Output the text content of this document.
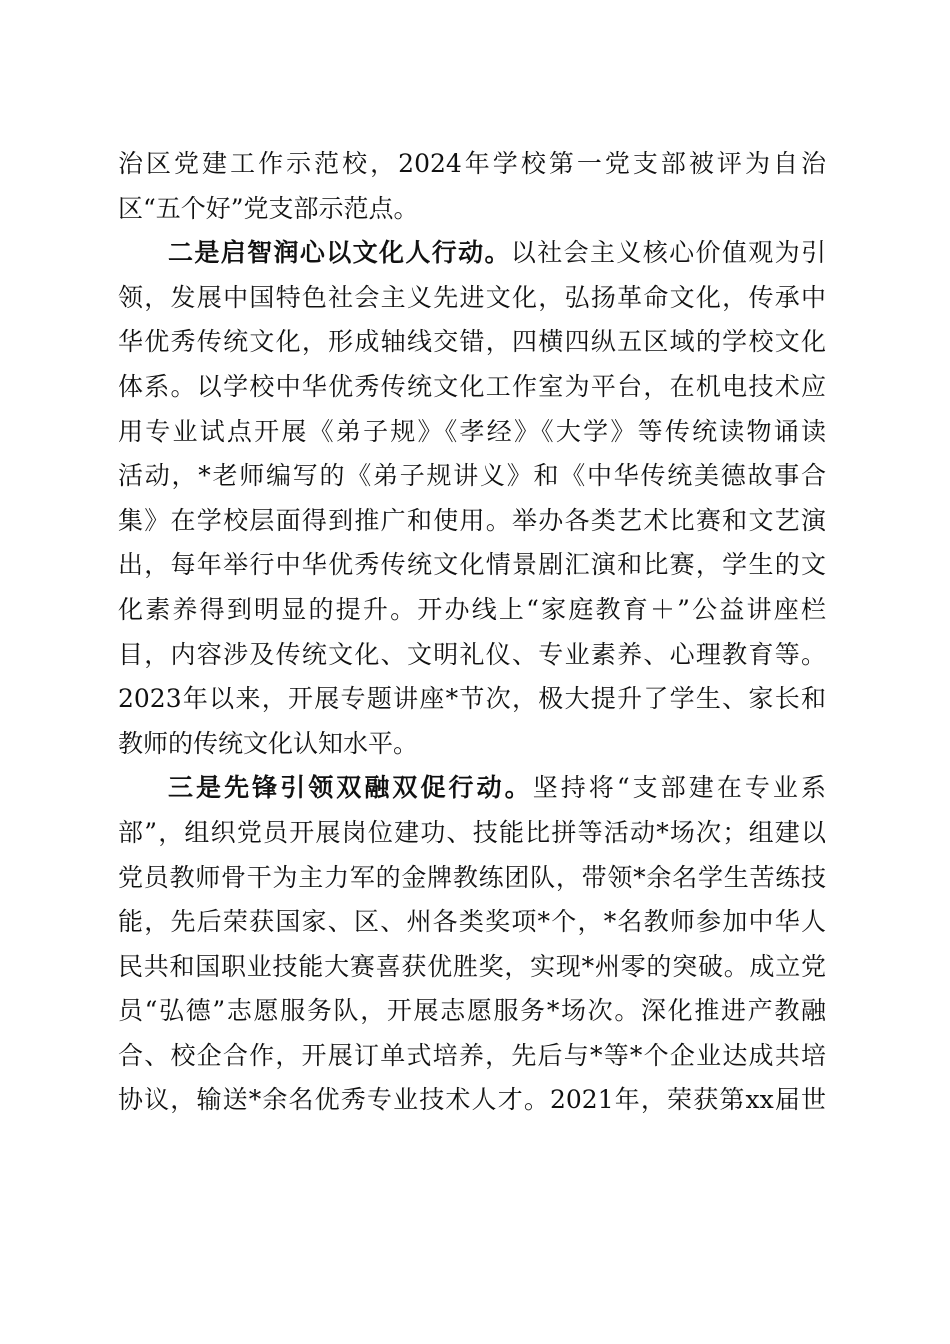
治区党建工作示范校，2024年学校第一党支部被评为自治
区“五个好”党支部示范点。
二是启智润心以文化人行动。以社会主义核心价值观为引
领，发展中国特色社会主义先进文化，弘扬革命文化，传承中
华优秀传统文化，形成轴线交错，四横四纵五区域的学校文化
体系。以学校中华优秀传统文化工作室为平台，在机电技术应
用专业试点开展《弟子规》《孝经》《大学》等传统读物诵读
活动，*老师编写的《弟子规讲义》和《中华传统美德故事合
集》在学校层面得到推广和使用。举办各类艺术比赛和文艺演
出，每年举行中华优秀传统文化情景剧汇演和比赛，学生的文
化素养得到明显的提升。开办线上“家庭教育＋”公益讲座栏
目，内容涉及传统文化、文明礼仪、专业素养、心理教育等。
2023年以来，开展专题讲座*节次，极大提升了学生、家长和
教师的传统文化认知水平。
三是先锋引领双融双促行动。坚持将“支部建在专业系
部”，组织党员开展岗位建功、技能比拼等活动*场次；组建以
党员教师骨干为主力军的金牌教练团队，带领*余名学生苦练技
能，先后荣获国家、区、州各类奖项*个，*名教师参加中华人
民共和国职业技能大赛喜获优胜奖，实现*州零的突破。成立党
员“弘德”志愿服务队，开展志愿服务*场次。深化推进产教融
合、校企合作，开展订单式培养，先后与*等*个企业达成共培
协议，输送*余名优秀专业技术人才。2021年，荣获第xx届世
